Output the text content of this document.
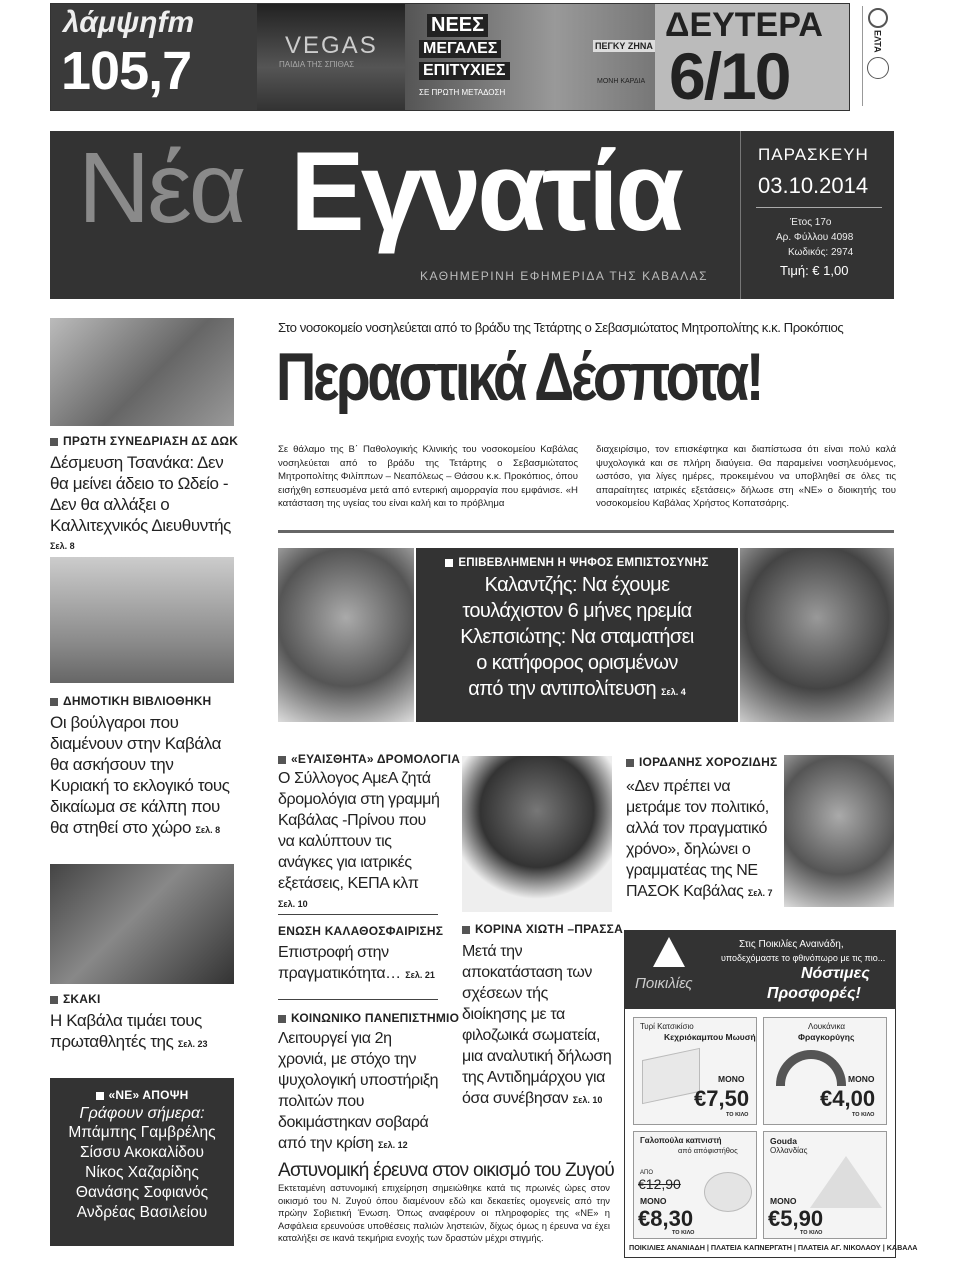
λάμψηfm
105,7	VEGAS
ΠΑΙΔΙΑ ΤΗΣ ΣΠΙΘΑΣ
ΝΕΕΣ
ΜΕΓΑΛΕΣ
ΕΠΙΤΥΧΙΕΣ
ΣΕ ΠΡΩΤΗ ΜΕΤΑΔΟΣΗ
ΠΕΓΚΥ ΖΗΝΑ
ΜΟΝΗ ΚΑΡΔΙΑ
ΔΕΥΤΕΡΑ
6/10	ΕΛΤΑ
Νέα Εγνατία
ΚΑΘΗΜΕΡΙΝΗ ΕΦΗΜΕΡΙΔΑ ΤΗΣ ΚΑΒΑΛΑΣ
ΠΑΡΑΣΚΕΥΗ
03.10.2014
Έτος 17ο
Αρ. Φύλλου 4098
Κωδικός: 2974
Τιμή: € 1,00
Στο νοσοκομείο νοσηλεύεται από το βράδυ της Τετάρτης ο Σεβασμιώτατος Μητροπολίτης κ.κ. Προκόπιος
Περαστικά Δέσποτα!
Σε θάλαμο της Β΄ Παθολογικής Κλινικής του νοσοκομείου Καβάλας νοσηλεύεται από το βράδυ της Τετάρτης ο Σεβασμιώτατος Μητροπολίτης Φιλίππων – Νεαπόλεως – Θάσου κ.κ. Προκόπιος, όπου εισήχθη εσπευσμένα μετά από εντερική αιμορραγία που εμφάνισε. «Η κατάσταση της υγείας του είναι καλή και το πρόβλημα
διαχειρίσιμο, τον επισκέφτηκα και διαπίστωσα ότι είναι πολύ καλά ψυχολογικά και σε πλήρη διαύγεια. Θα παραμείνει νοσηλευόμενος, ωστόσο, για λίγες ημέρες, προκειμένου να υποβληθεί σε όλες τις απαραίτητες ιατρικές εξετάσεις» δήλωσε στη «ΝΕ» ο διοικητής του νοσοκομείου Καβάλας Χρήστος Κοπατσάρης.
ΠΡΩΤΗ ΣΥΝΕΔΡΙΑΣΗ ΔΣ ΔΩΚ
Δέσμευση Τσανάκα: Δεν θα μείνει άδειο το Ωδείο - Δεν θα αλλάξει ο Καλλιτεχνικός Διευθυντής Σελ. 8
ΔΗΜΟΤΙΚΗ ΒΙΒΛΙΟΘΗΚΗ
Οι βούλγαροι που διαμένουν στην Καβάλα θα ασκήσουν την Κυριακή το εκλογικό τους δικαίωμα σε κάλπη που θα στηθεί στο χώρο Σελ. 8
ΣΚΑΚΙ
Η Καβάλα τιμάει τους πρωταθλητές της Σελ. 23
«ΝΕ» ΑΠΟΨΗ
Γράφουν σήμερα:
Μπάμπης Γαμβρέλης
Σίσσυ Ακοκαλίδου
Νίκος Χαζαρίδης
Θανάσης Σοφιανός
Ανδρέας Βασιλείου
ΕΠΙΒΕΒΛΗΜΕΝΗ Η ΨΗΦΟΣ ΕΜΠΙΣΤΟΣΥΝΗΣ
Καλαντζής: Να έχουμε
τουλάχιστον 6 μήνες ηρεμία
Κλεπσιώτης: Να σταματήσει
ο κατήφορος ορισμένων
από την αντιπολίτευση Σελ. 4
«ΕΥΑΙΣΘΗΤΑ» ΔΡΟΜΟΛΟΓΙΑ
Ο Σύλλογος ΑμεΑ ζητά δρομολόγια στη γραμμή Καβάλας -Πρίνου που να καλύπτουν τις ανάγκες για ιατρικές εξετάσεις, ΚΕΠΑ κλπ Σελ. 10
ΕΝΩΣΗ ΚΑΛΑΘΟΣΦΑΙΡΙΣΗΣ
Επιστροφή στην πραγματικότητα… Σελ. 21
ΚΟΙΝΩΝΙΚΟ ΠΑΝΕΠΙΣΤΗΜΙΟ
Λειτουργεί για 2η χρονιά, με στόχο την ψυχολογική υποστήριξη πολιτών που δοκιμάστηκαν σοβαρά από την κρίση Σελ. 12
ΚΟΡΙΝΑ ΧΙΩΤΗ –ΠΡΑΣΣΑ
Μετά την αποκατάσταση των σχέσεων τής διοίκησης με τα φιλοζωικά σωματεία, μια αναλυτική δήλωση της Αντιδημάρχου για όσα συνέβησαν Σελ. 10
ΙΟΡΔΑΝΗΣ ΧΟΡΟΖΙΔΗΣ
«Δεν πρέπει να μετράμε τον πολιτικό, αλλά τον πραγματικό χρόνο», δηλώνει ο γραμματέας της ΝΕ ΠΑΣΟΚ Καβάλας Σελ. 7
Αστυνομική έρευνα στον οικισμό του Ζυγού
Εκτεταμένη αστυνομική επιχείρηση σημειώθηκε κατά τις πρωινές ώρες στον οικισμό του Ν. Ζυγού όπου διαμένουν εδώ και δεκαετίες ομογενείς από την πρώην Σοβιετική Ένωση. Όπως αναφέρουν οι πληροφορίες της «ΝΕ» η Ασφάλεια ερευνούσε υποθέσεις παλιών ληστειών, δίχως όμως η έρευνα να έχει καταλήξει σε ικανά τεκμήρια ενοχής των δραστών μέχρι στιγμής.
Ποικιλίες
Στις Ποικιλίες Αναινάδη,
υποδεχόμαστε το φθινόπωρο με τις πιο...
Νόστιμες
Προσφορές!
Τυρί Κατσικίσιο
Κεχριόκαμπου Μωυσή
ΜΟΝΟ
€7,50
ΤΟ ΚΙΛΟ
Λουκάνικα
Φραγκορύγης
ΜΟΝΟ
€4,00
ΤΟ ΚΙΛΟ
Γαλοπούλα καπνιστή
από απόφιστήθος
ΑΠΟ
€12,90
ΜΟΝΟ
€8,30
ΤΟ ΚΙΛΟ
Gouda
Ολλανδίας
ΜΟΝΟ
€5,90
ΤΟ ΚΙΛΟ
ΠΟΙΚΙΛΙΕΣ ΑΝΑΝΙΑΔΗ | ΠΛΑΤΕΙΑ ΚΑΠΝΕΡΓΑΤΗ | ΠΛΑΤΕΙΑ ΑΓ. ΝΙΚΟΛΑΟΥ | ΚΑΒΑΛΑ
